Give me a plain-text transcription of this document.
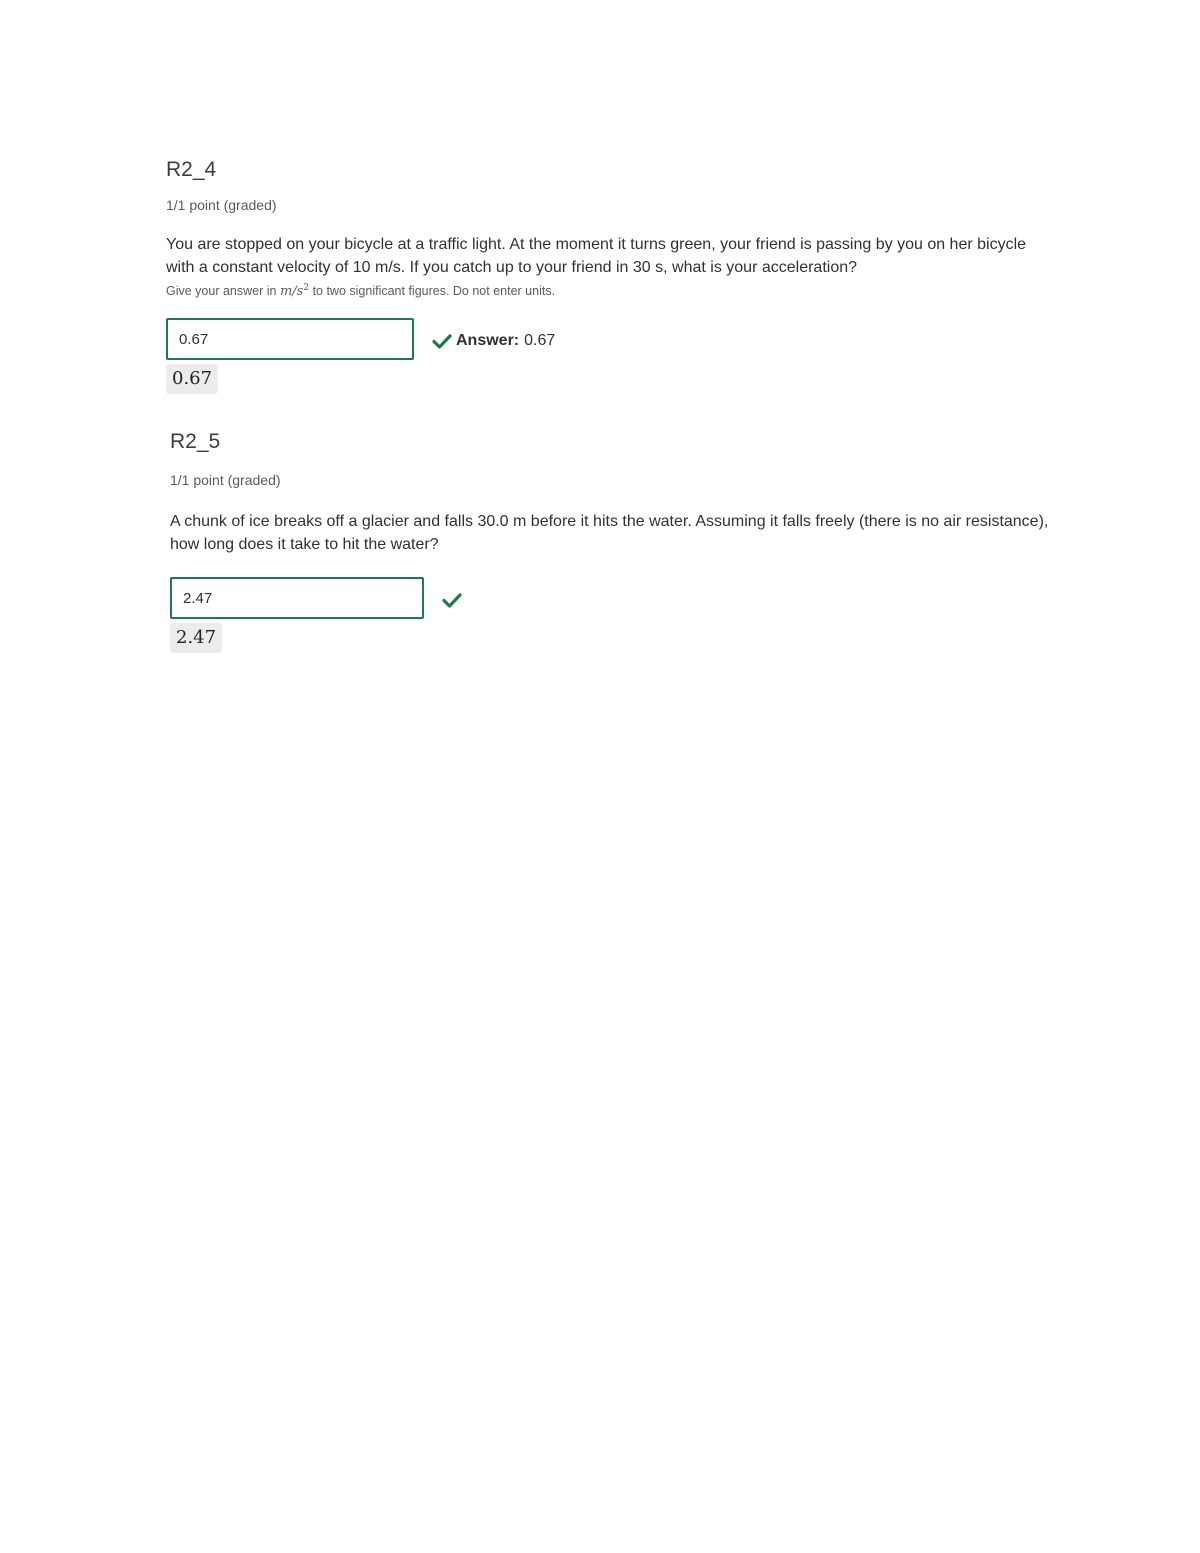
R2_4
1/1 point (graded)
You are stopped on your bicycle at a traffic light. At the moment it turns green, your friend is passing by you on her bicycle with a constant velocity of 10 m/s. If you catch up to your friend in 30 s, what is your acceleration?
Give your answer in $m/s^2$ to two significant figures. Do not enter units.
0.67
Answer: 0.67
0.67
R2_5
1/1 point (graded)
A chunk of ice breaks off a glacier and falls 30.0 m before it hits the water. Assuming it falls freely (there is no air resistance), how long does it take to hit the water?
2.47
2.47
